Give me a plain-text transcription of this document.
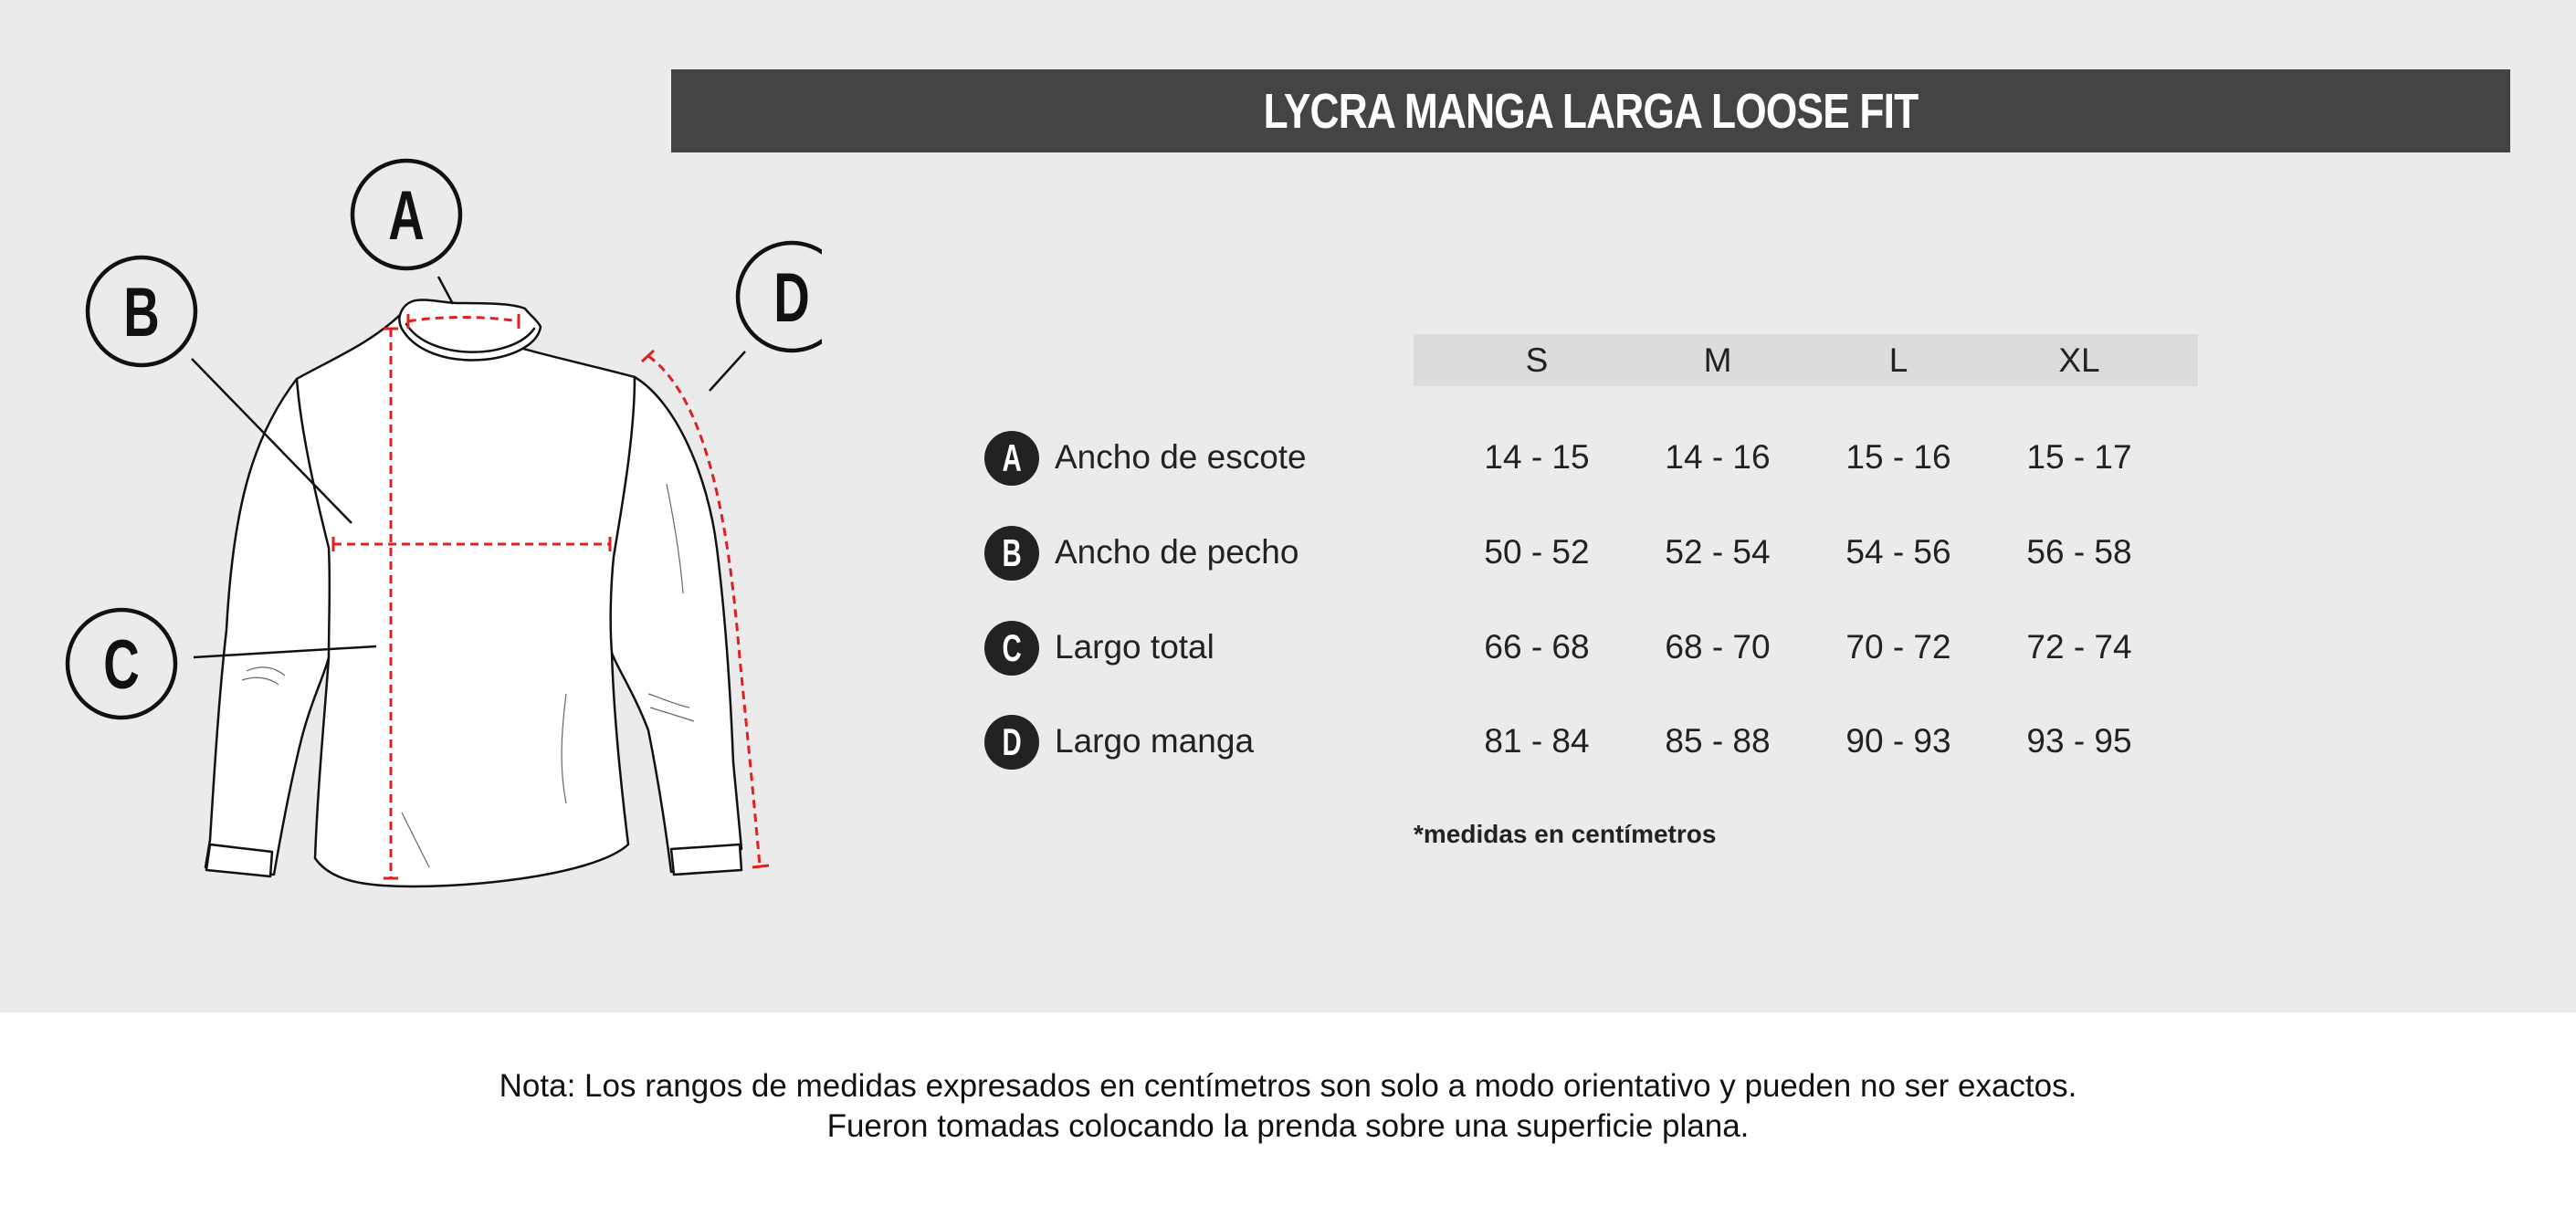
LYCRA MANGA LARGA LOOSE FIT
A
B
C
D
S	M	L	XL
A Ancho de escote	14 - 15	14 - 16	15 - 16	15 - 17
B Ancho de pecho	50 - 52	52 - 54	54 - 56	56 - 58
C Largo total	66 - 68	68 - 70	70 - 72	72 - 74
D Largo manga	81 - 84	85 - 88	90 - 93	93 - 95
*medidas en centímetros
Nota: Los rangos de medidas expresados en centímetros son solo a modo orientativo y pueden no ser exactos.
Fueron tomadas colocando la prenda sobre una superficie plana.
